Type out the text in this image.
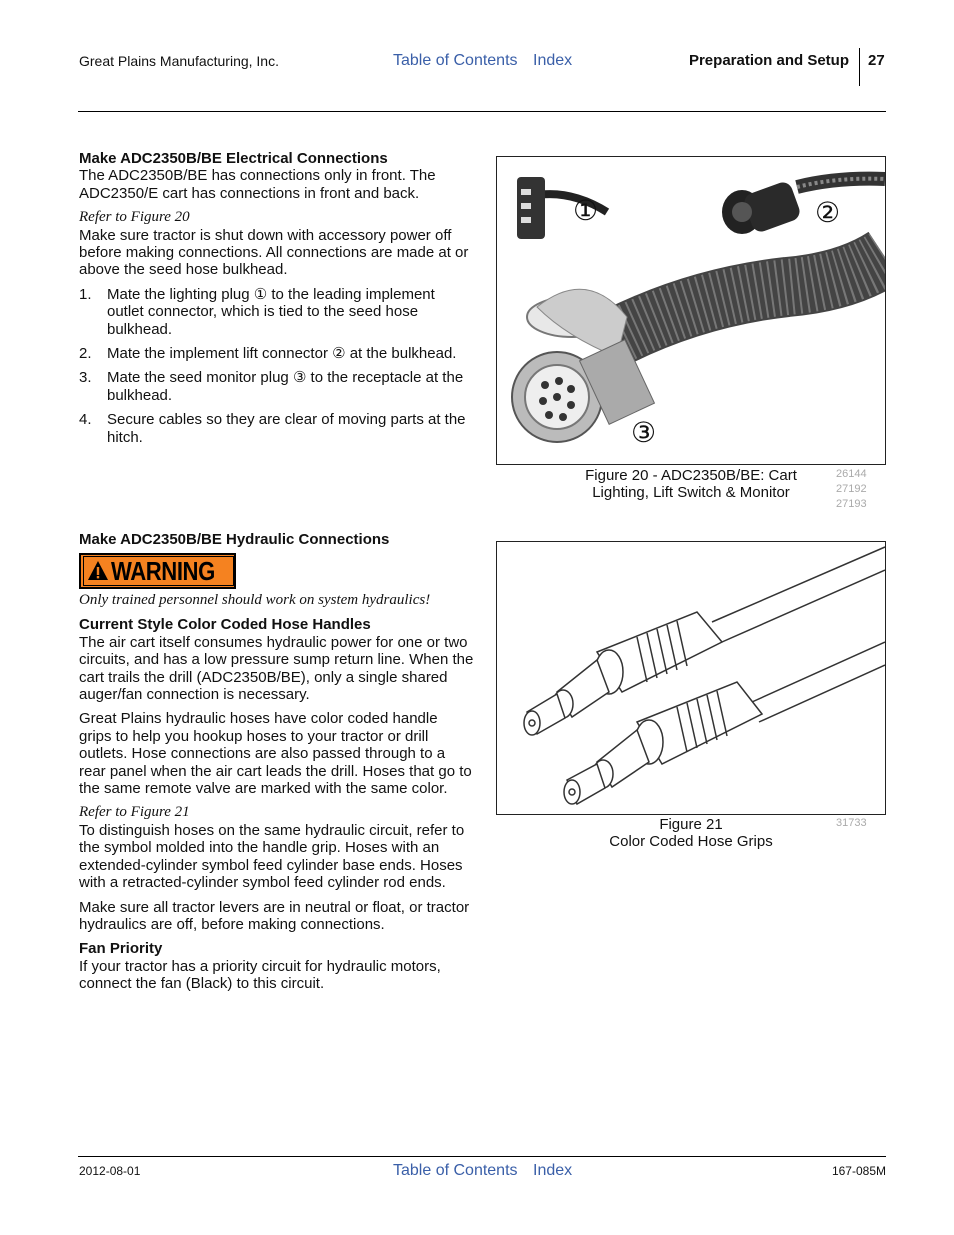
Great Plains Manufacturing, Inc.	Table of Contents Index	Preparation and Setup 27
Make ADC2350B/BE Electrical Connections

The ADC2350B/BE has connections only in front. The ADC2350/E cart has connections in front and back.

Refer to Figure 20

Make sure tractor is shut down with accessory power off before making connections. All connections are made at or above the seed hose bulkhead.

1. Mate the lighting plug ① to the leading implement outlet connector, which is tied to the seed hose bulkhead.
2. Mate the implement lift connector ② at the bulkhead.
3. Mate the seed monitor plug ③ to the receptacle at the bulkhead.
4. Secure cables so they are clear of moving parts at the hitch.
①	②
③
Figure 20 - ADC2350B/BE: Cart
Lighting, Lift Switch & Monitor
26144
27192
27193
Make ADC2350B/BE Hydraulic Connections
WARNING

Only trained personnel should work on system hydraulics!

Current Style Color Coded Hose Handles

The air cart itself consumes hydraulic power for one or two circuits, and has a low pressure sump return line. When the cart trails the drill (ADC2350B/BE), only a single shared auger/fan connection is necessary.

Great Plains hydraulic hoses have color coded handle grips to help you hookup hoses to your tractor or drill outlets. Hose connections are also passed through to a rear panel when the air cart leads the drill. Hoses that go to the same remote valve are marked with the same color.

Refer to Figure 21

To distinguish hoses on the same hydraulic circuit, refer to the symbol molded into the handle grip. Hoses with an extended-cylinder symbol feed cylinder base ends. Hoses with a retracted-cylinder symbol feed cylinder rod ends.

Make sure all tractor levers are in neutral or float, or tractor hydraulics are off, before making connections.

Fan Priority

If your tractor has a priority circuit for hydraulic motors, connect the fan (Black) to this circuit.

Figure 21
Color Coded Hose Grips
31733
2012-08-01	Table of Contents Index	167-085M
